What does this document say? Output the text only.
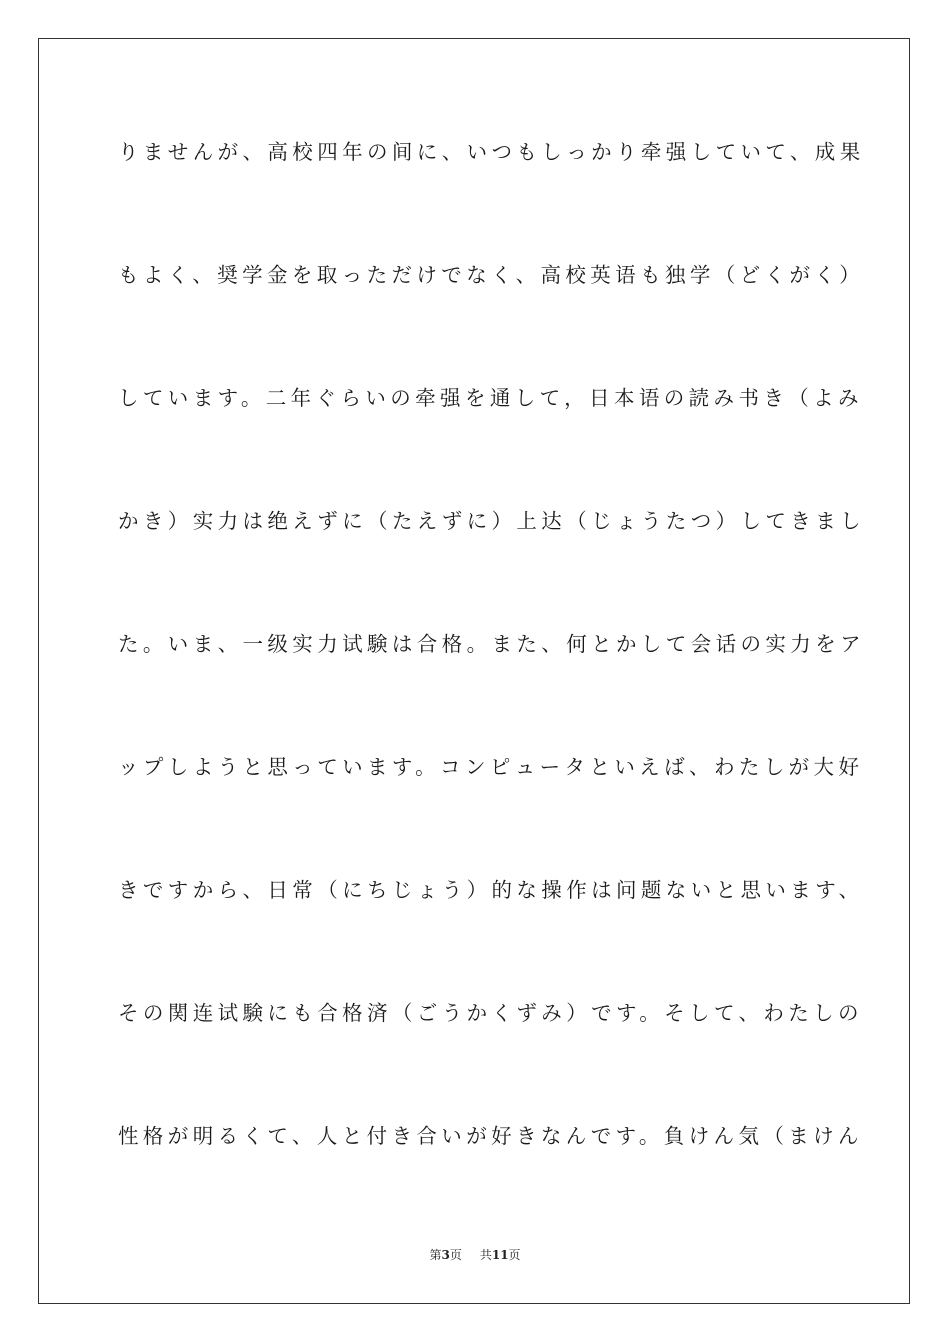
りませんが、高校四年の间に、いつもしっかり牵强していて、成果
もよく、奨学金を取っただけでなく、高校英语も独学（どくがく）
しています。二年ぐらいの牵强を通して，日本语の読み书き（よみ
かき）实力は绝えずに（たえずに）上达（じょうたつ）してきまし
た。いま、一级实力试験は合格。また、何とかして会话の实力をア
ップしようと思っています。コンピュータといえば、わたしが大好
きですから、日常（にちじょう）的な操作は问题ないと思います、
その関连试験にも合格済（ごうかくずみ）です。そして、わたしの
性格が明るくて、人と付き合いが好きなんです。負けん気（まけん
第3页 共11页
